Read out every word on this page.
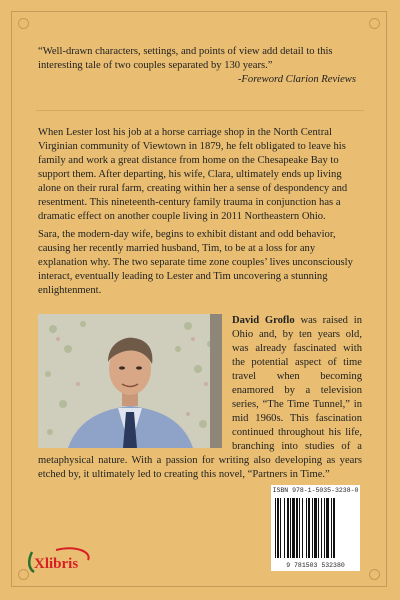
“Well-drawn characters, settings, and points of view add detail to this interesting tale of two couples separated by 130 years.”

-Foreword Clarion Reviews

When Lester lost his job at a horse carriage shop in the North Central Virginian community of Viewtown in 1879, he felt obligated to leave his family and work a great distance from home on the Chesapeake Bay to support them. After departing, his wife, Clara, ultimately ends up living alone on their rural farm, creating within her a sense of despondency and resentment. This nineteenth-century family trauma in conjunction has a dramatic effect on another couple living in 2011 Northeastern Ohio.

Sara, the modern-day wife, begins to exhibit distant and odd behavior, causing her recently married husband, Tim, to be at a loss for any explanation why. The two separate time zone couples’ lives unconsciously interact, eventually leading to Lester and Tim uncovering a stunning enlightenment.

David Groflo was raised in Ohio and, by ten years old, was already fascinated with the potential aspect of time travel when becoming enamored by a television series, “The Time Tunnel,” in mid 1960s. This fascination continued throughout his life, branching into studies of a metaphysical nature. With a passion for writing also developing as years etched by, it ultimately led to creating this novel, “Partners in Time.”
ISBN 978-1-5035-3238-0
9 781503 532380
Xlibris
